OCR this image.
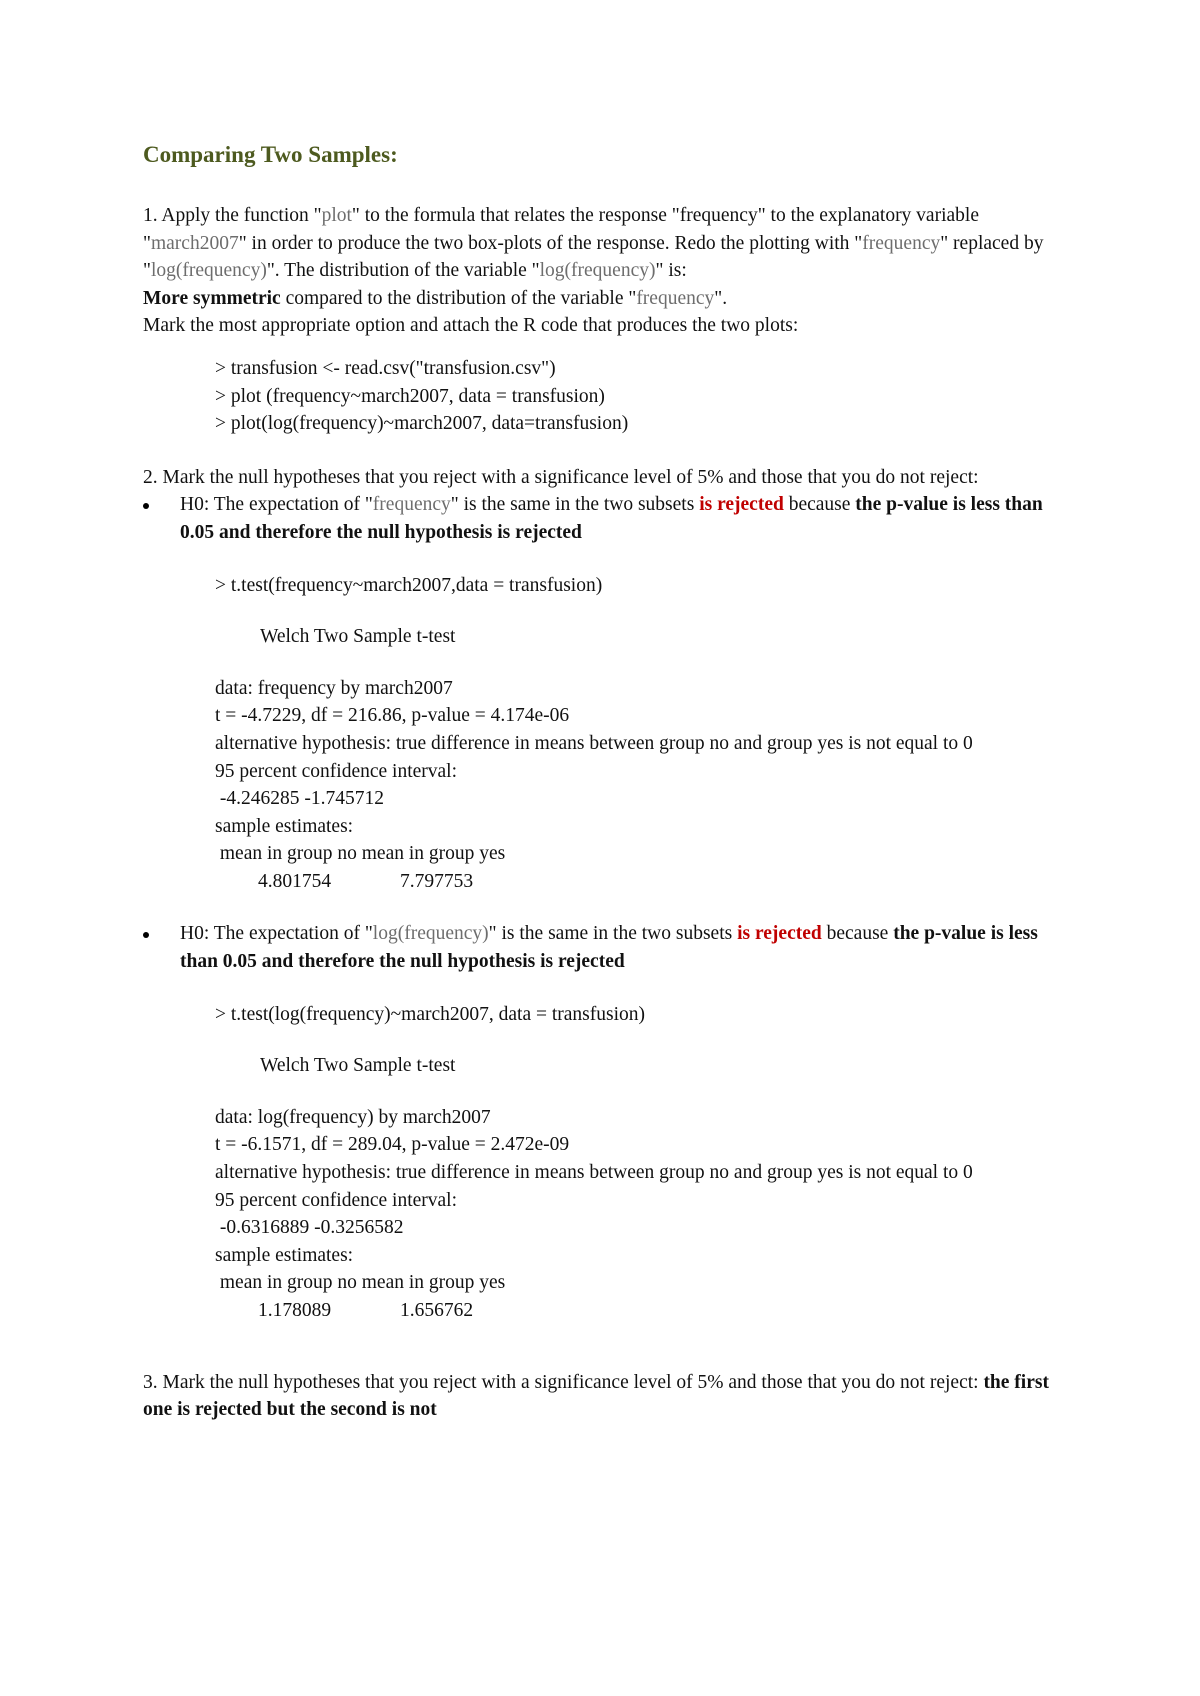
Comparing Two Samples:

1. Apply the function "plot" to the formula that relates the response "frequency" to the explanatory variable "march2007" in order to produce the two box-plots of the response. Redo the plotting with "frequency" replaced by "log(frequency)". The distribution of the variable "log(frequency)" is:
More symmetric compared to the distribution of the variable "frequency".

Mark the most appropriate option and attach the R code that produces the two plots:

> transfusion <- read.csv("transfusion.csv")

> plot (frequency~march2007, data = transfusion)

> plot(log(frequency)~march2007, data=transfusion)

2. Mark the null hypotheses that you reject with a significance level of 5% and those that you do not reject:

H0: The expectation of "frequency" is the same in the two subsets is rejected because the p-value is less than 0.05 and therefore the null hypothesis is rejected

> t.test(frequency~march2007,data = transfusion)

Welch Two Sample t-test

data: frequency by march2007

t = -4.7229, df = 216.86, p-value = 4.174e-06

alternative hypothesis: true difference in means between group no and group yes is not equal to 0

95 percent confidence interval:

-4.246285 -1.745712

sample estimates:

mean in group no mean in group yes

4.801754	7.797753

H0: The expectation of "log(frequency)" is the same in the two subsets is rejected because the p-value is less than 0.05 and therefore the null hypothesis is rejected

> t.test(log(frequency)~march2007, data = transfusion)

Welch Two Sample t-test

data: log(frequency) by march2007

t = -6.1571, df = 289.04, p-value = 2.472e-09

alternative hypothesis: true difference in means between group no and group yes is not equal to 0

95 percent confidence interval:

-0.6316889 -0.3256582

sample estimates:

mean in group no mean in group yes

1.178089	1.656762

3. Mark the null hypotheses that you reject with a significance level of 5% and those that you do not reject: the first one is rejected but the second is not
